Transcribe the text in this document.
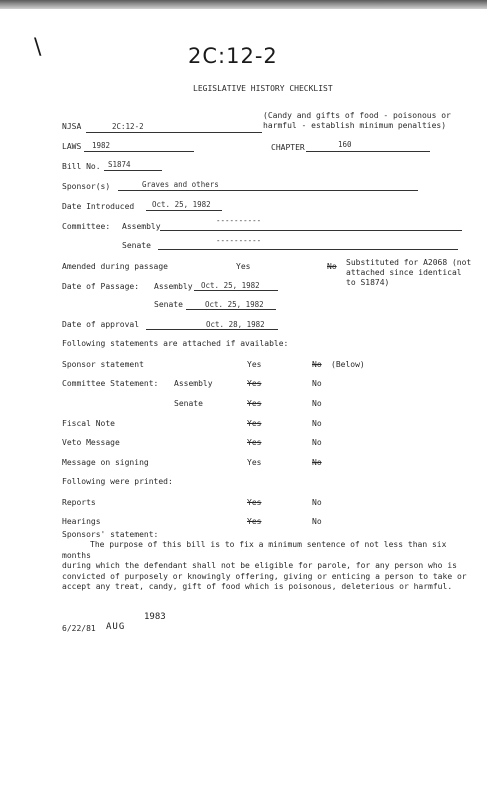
\	2C:12-2
LEGISLATIVE HISTORY CHECKLIST
(Candy and gifts of food - poisonous or
harmful - establish minimum penalties)
NJSA	2C:12-2
LAWS 1982	CHAPTER	160
Bill No. S1874
Sponsor(s)	Graves and others
Date Introduced Oct. 25, 1982
Committee: Assembly
----------
Senate
----------
Amended during passage	Yes	No Substituted for A2068 (not
attached since identical
to S1874)
Date of Passage: Assembly Oct. 25, 1982
Senate	Oct. 25, 1982
Date of approval	Oct. 28, 1982
Following statements are attached if available:
Sponsor statement	Yes	No (Below)
Committee Statement: Assembly	Yes	No
Senate	Yes	No
Fiscal Note	Yes	No
Veto Message	Yes	No
Message on signing	Yes	No
Following were printed:
Reports	Yes	No
Hearings	Yes	No
Sponsors' statement:
The purpose of this bill is to fix a minimum sentence of not less than six months
during which the defendant shall not be eligible for parole, for any person who is convicted of purposely or knowingly offering, giving or enticing a person to take or accept any treat, candy, gift of food which is poisonous, deleterious or harmful.
6/22/81 AUG
1983
